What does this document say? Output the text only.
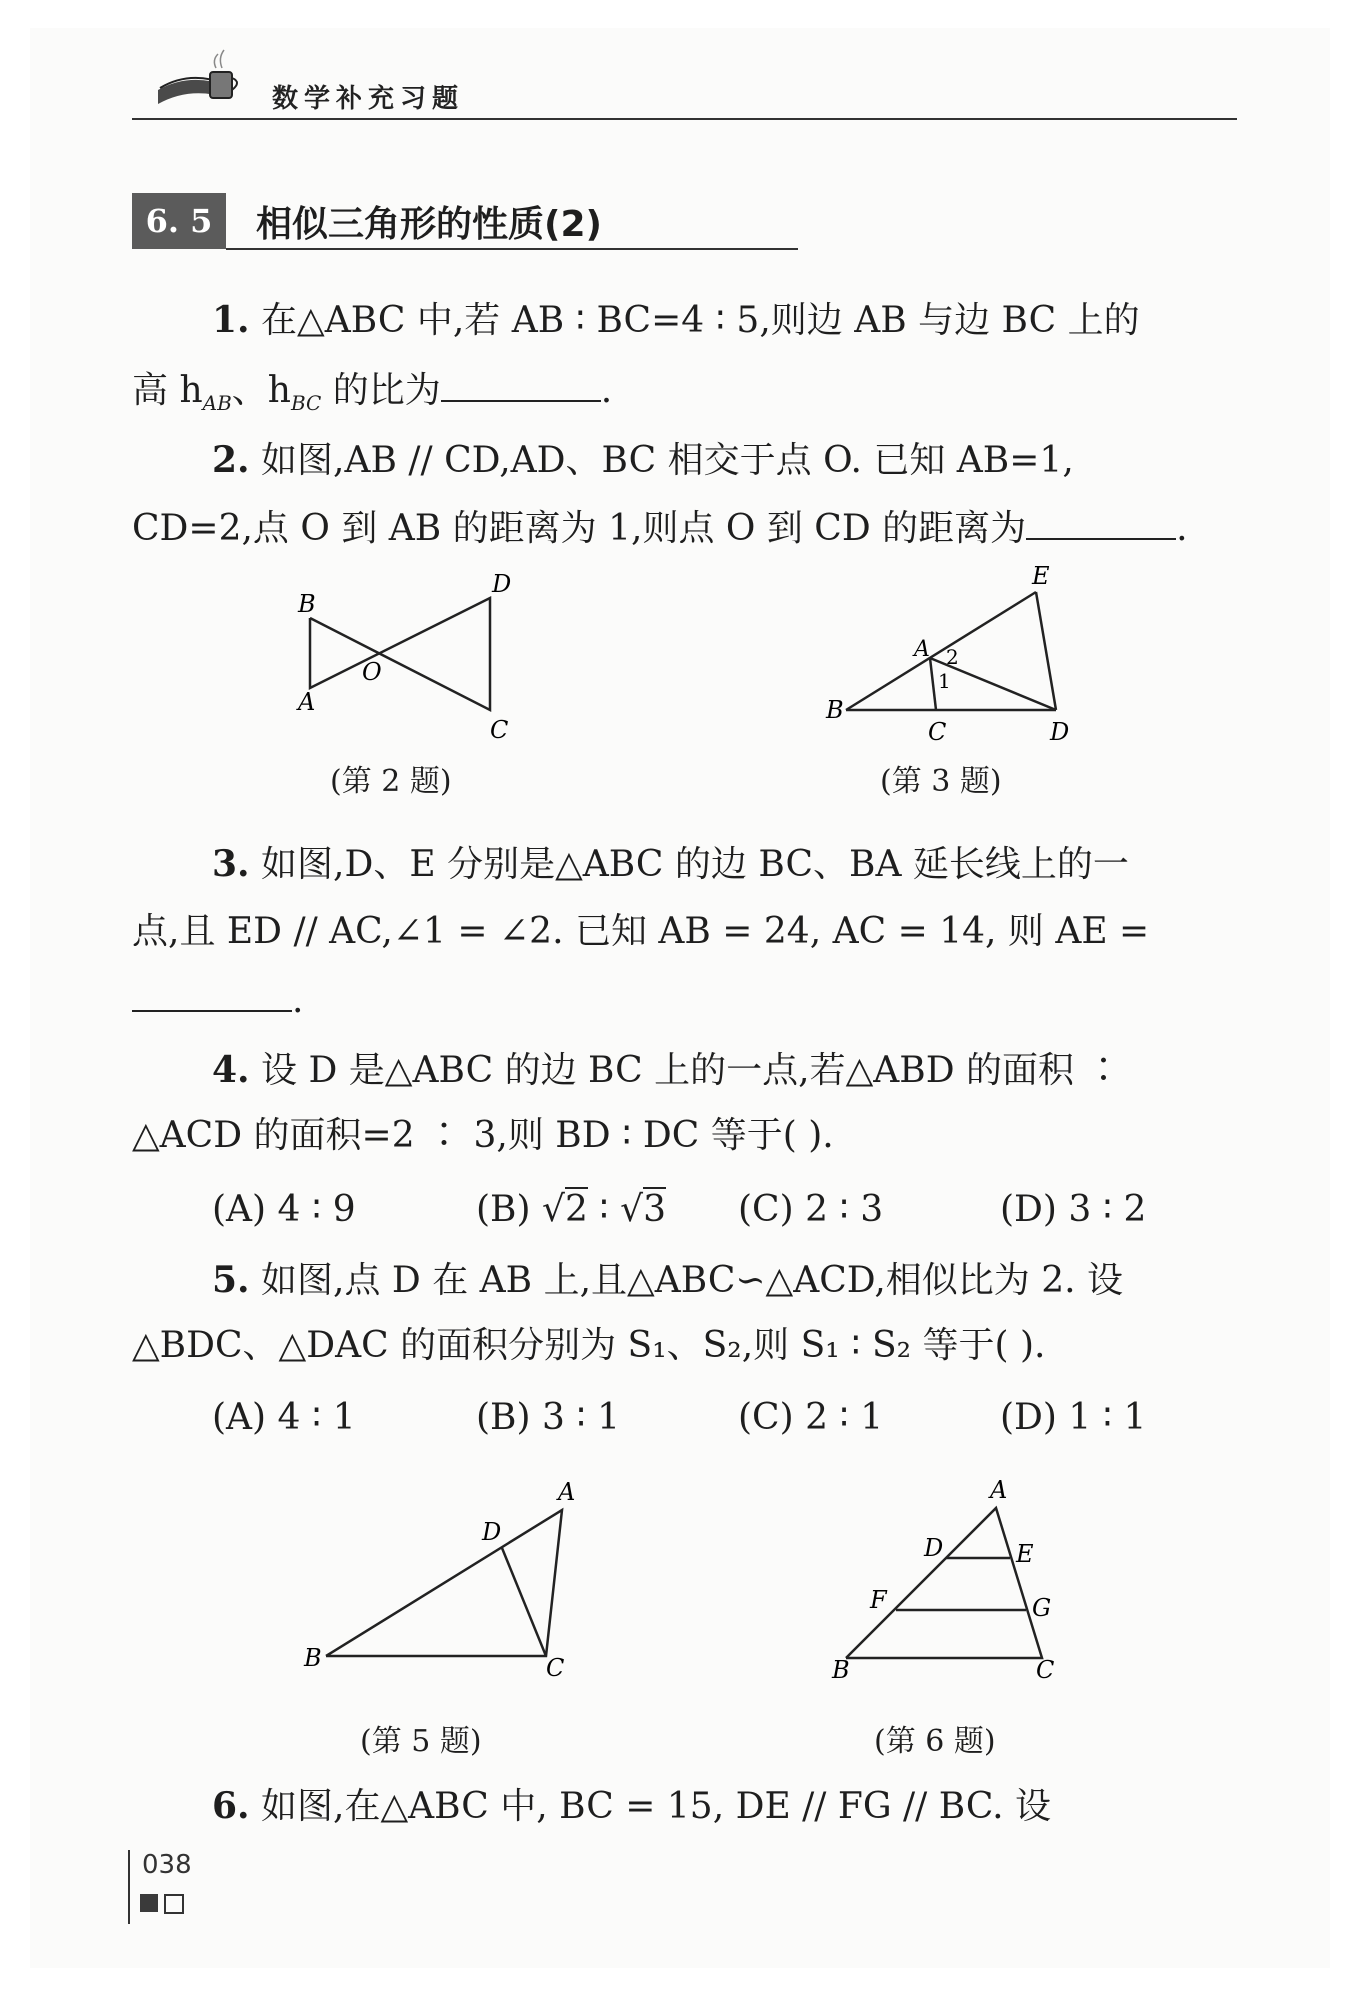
数学补充习题
6. 5	相似三角形的性质(2)
1. 在△ABC 中,若 AB ∶ BC=4 ∶ 5,则边 AB 与边 BC 上的
高 $h_{AB}$、$h_{BC}$ 的比为	.
2. 如图,AB // CD,AD、BC 相交于点 O. 已知 AB=1,
CD=2,点 O 到 AB 的距离为 1,则点 O 到 CD 的距离为	.
B
D
O
A
C
(第 2 题)
E
A 2
1
B
C	D
(第 3 题)
3. 如图,D、E 分别是△ABC 的边 BC、BA 延长线上的一
点,且 ED // AC,∠1 = ∠2. 已知 AB = 24, AC = 14, 则 AE =
.
4. 设 D 是△ABC 的边 BC 上的一点,若△ABD 的面积 ∶
△ACD 的面积=2 ∶ 3,则 BD ∶ DC 等于( ).
(A) 4 ∶ 9	(B) √2 ∶ √3 (C) 2 ∶ 3	(D) 3 ∶ 2
5. 如图,点 D 在 AB 上,且△ABC∽△ACD,相似比为 2. 设
△BDC、△DAC 的面积分别为 S₁、S₂,则 S₁ ∶ S₂ 等于( ).
(A) 4 ∶ 1	(B) 3 ∶ 1	(C) 2 ∶ 1	(D) 1 ∶ 1
A
D
B	C
(第 5 题)
A
D	E
F	G
B	C
(第 6 题)
6. 如图,在△ABC 中, BC = 15, DE // FG // BC. 设
038
